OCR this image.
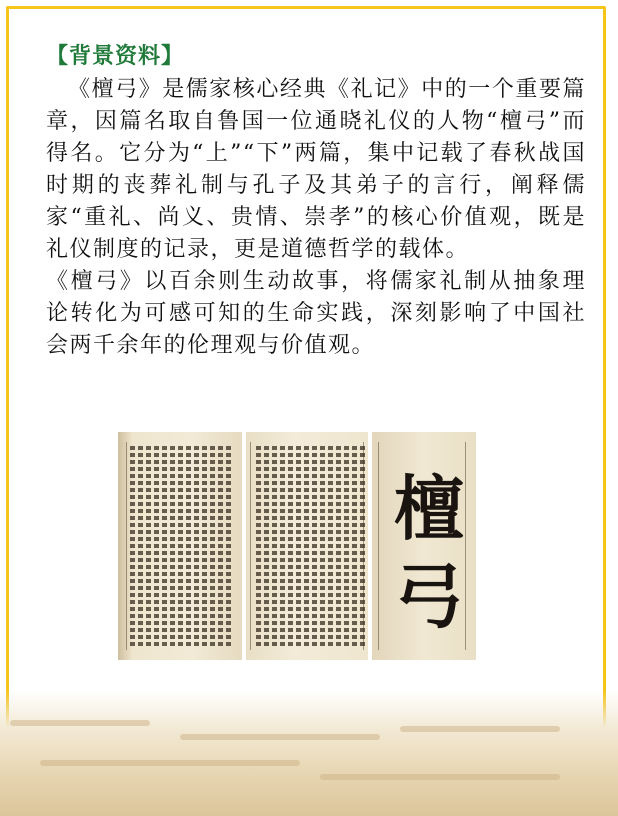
【背景资料】

《檀弓》是儒家核心经典《礼记》中的一个重要篇章，因篇名取自鲁国一位通晓礼仪的人物“檀弓”而得名。它分为“上”“下”两篇，集中记载了春秋战国时期的丧葬礼制与孔子及其弟子的言行，阐释儒家“重礼、尚义、贵情、崇孝”的核心价值观，既是礼仪制度的记录，更是道德哲学的载体。

《檀弓》以百余则生动故事，将儒家礼制从抽象理论转化为可感可知的生命实践，深刻影响了中国社会两千余年的伦理观与价值观。

檀
弓
